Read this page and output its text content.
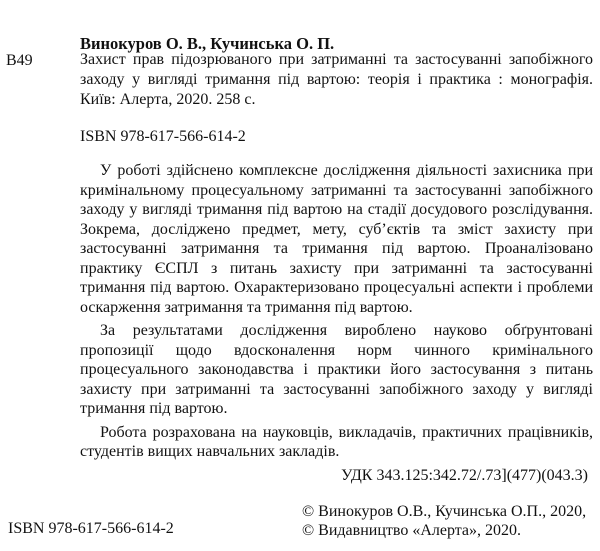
Винокуров О. В., Кучинська О. П.
В49	Захист прав підозрюваного при затриманні та застосуванні запобіжного заходу у вигляді тримання під вартою: теорія і практика : монографія. Київ: Алерта, 2020. 258 с.
ISBN 978-617-566-614-2

У роботі здійснено комплексне дослідження діяльності захисника при кримінальному процесуальному затриманні та застосуванні запобіжного заходу у вигляді тримання під вартою на стадії досудового розслідування. Зокрема, досліджено предмет, мету, суб’єктів та зміст захисту при застосуванні затримання та тримання під вартою. Проаналізовано практику ЄСПЛ з питань захисту при затриманні та застосуванні тримання під вартою. Охарактеризовано процесуальні аспекти і проблеми оскарження затримання та тримання під вартою.

За результатами дослідження вироблено науково обґрунтовані пропозиції щодо вдосконалення норм чинного кримінального процесуального законодавства і практики його застосування з питань захисту при затриманні та застосуванні запобіжного заходу у вигляді тримання під вартою.

Робота розрахована на науковців, викладачів, практичних працівників, студентів вищих навчальних закладів.

УДК 343.125:342.72/.73](477)(043.3)
© Винокуров О.В., Кучинська О.П., 2020,
© Видавництво «Алерта», 2020.
ISBN 978-617-566-614-2
